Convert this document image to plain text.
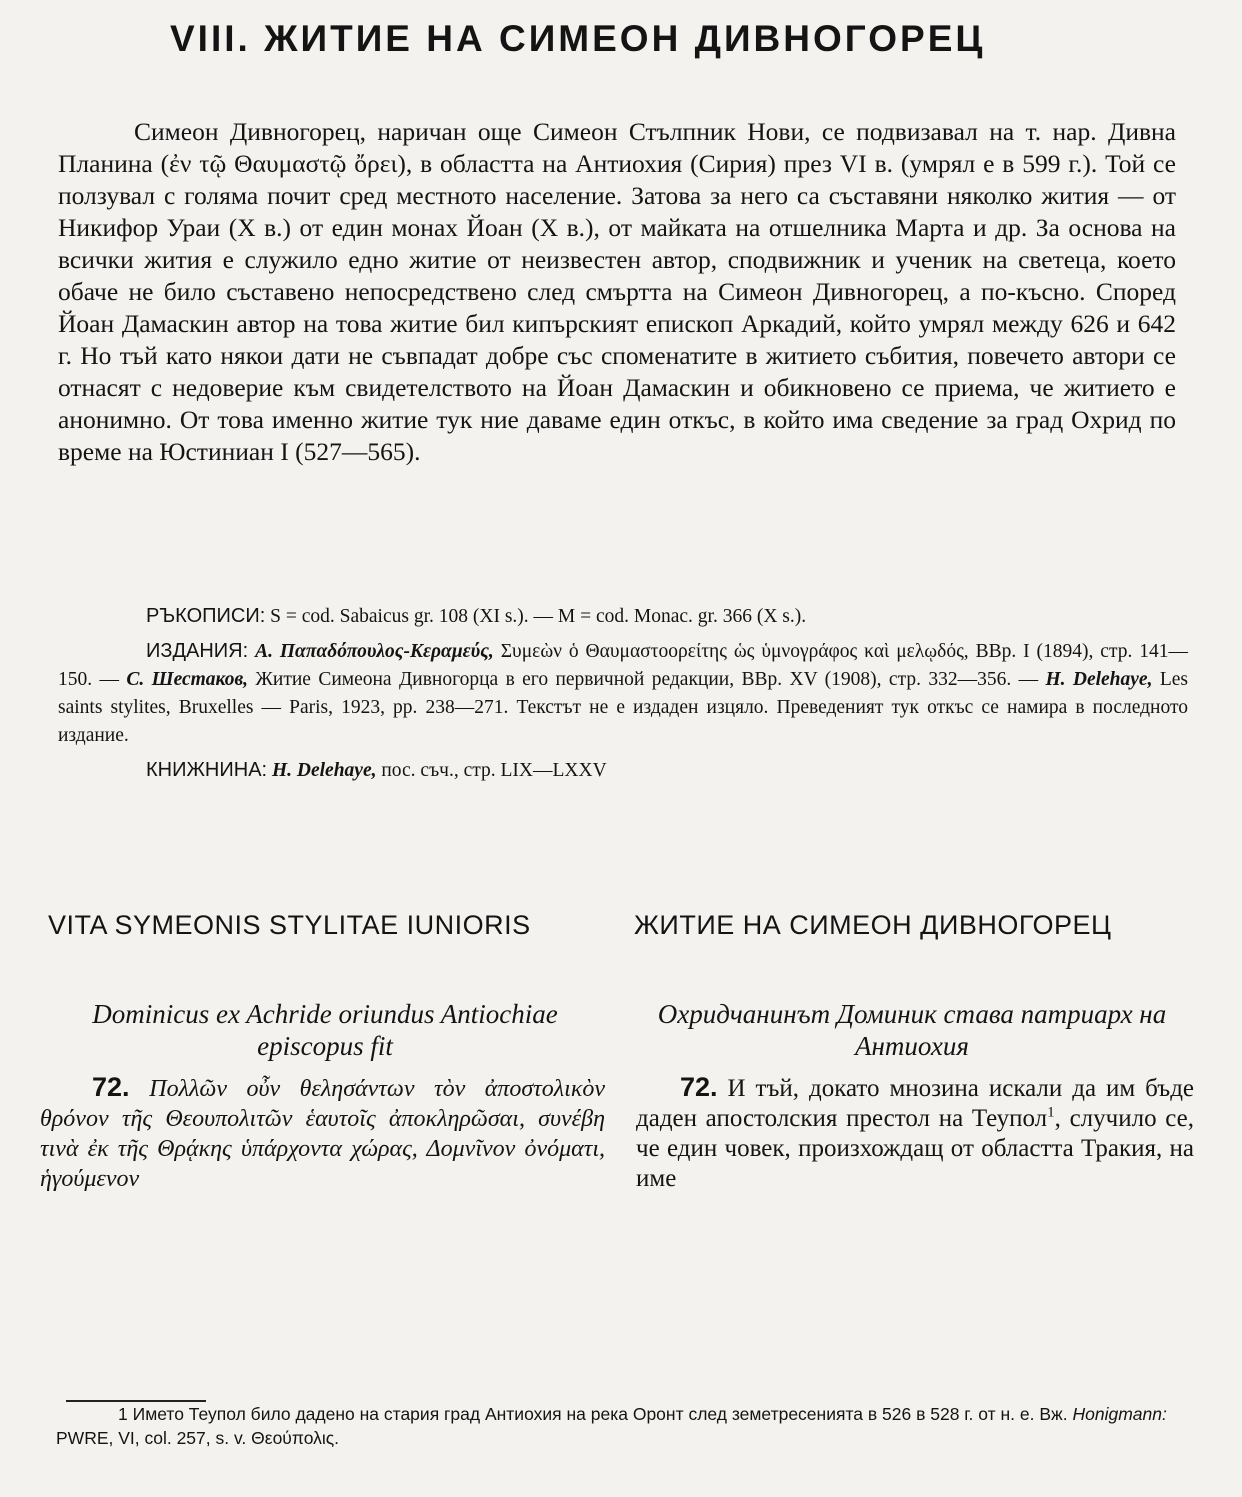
VIII. ЖИТИЕ НА СИМЕОН ДИВНОГОРЕЦ

Симеон Дивногорец, наричан още Симеон Стълпник Нови, се подвизавал на т. нар. Дивна Планина (ἐν τῷ Θαυμαστῷ ὄρει), в областта на Антиохия (Сирия) през VI в. (умрял е в 599 г.). Той се ползувал с голяма почит сред местното население. Затова за него са съставяни няколко жития — от Никифор Ураи (X в.) от един монах Йоан (X в.), от майката на отшелника Марта и др. За основа на всички жития е служило едно житие от неизвестен автор, сподвижник и ученик на светеца, което обаче не било съставено непосредствено след смъртта на Симеон Дивногорец, а по-късно. Според Йоан Дамаскин автор на това житие бил кипърският епископ Аркадий, който умрял между 626 и 642 г. Но тъй като някои дати не съвпадат добре със споменатите в житието събития, повечето автори се отнасят с недоверие към свидетелството на Йоан Дамаскин и обикновено се приема, че житието е анонимно. От това именно житие тук ние даваме един откъс, в който има сведение за град Охрид по време на Юстиниан I (527—565).

РЪКОПИСИ: S = cod. Sabaicus gr. 108 (XI s.). — M = cod. Monac. gr. 366 (X s.).

ИЗДАНИЯ: А. Παπαδόπουλος-Κεραμεύς, Συμεὼν ὁ Θαυμαστοορείτης ὡς ὑμνογράφος καὶ μελῳδός, BBp. I (1894), стр. 141—150. — С. Шестаков, Житие Симеона Дивногорца в его первичной редакции, BBp. XV (1908), стр. 332—356. — H. Delehaye, Les saints stylites, Bruxelles — Paris, 1923, pp. 238—271. Текстът не е издаден изцяло. Преведеният тук откъс се намира в последното издание.

КНИЖНИНА: H. Delehaye, пос. съч., стр. LIX—LXXV

VITA SYMEONIS STYLITAE IUNIORIS
Dominicus ex Achride oriundus Antiochiae episcopus fit

72. Πολλῶν οὖν θελησάντων τὸν ἀποστολικὸν θρόνον τῆς Θεουπολιτῶν ἑαυτοῖς ἀποκληρῶσαι, συνέβη τινὰ ἐκ τῆς Θρᾴκης ὑπάρχοντα χώρας, Δομνῖνον ὀνόματι, ἡγούμενον

ЖИТИЕ НА СИМЕОН ДИВНОГОРЕЦ
Охридчанинът Доминик става патриарх на Антиохия

72. И тъй, докато мнозина искали да им бъде даден апостолския престол на Теупол$^1$, случило се, че един човек, произхождащ от областта Тракия, на име

1 Името Теупол било дадено на стария град Антиохия на река Оронт след земетресенията в 526 в 528 г. от н. е. Вж. Honigmann: PWRE, VI, col. 257, s. v. Θεούπολις.
